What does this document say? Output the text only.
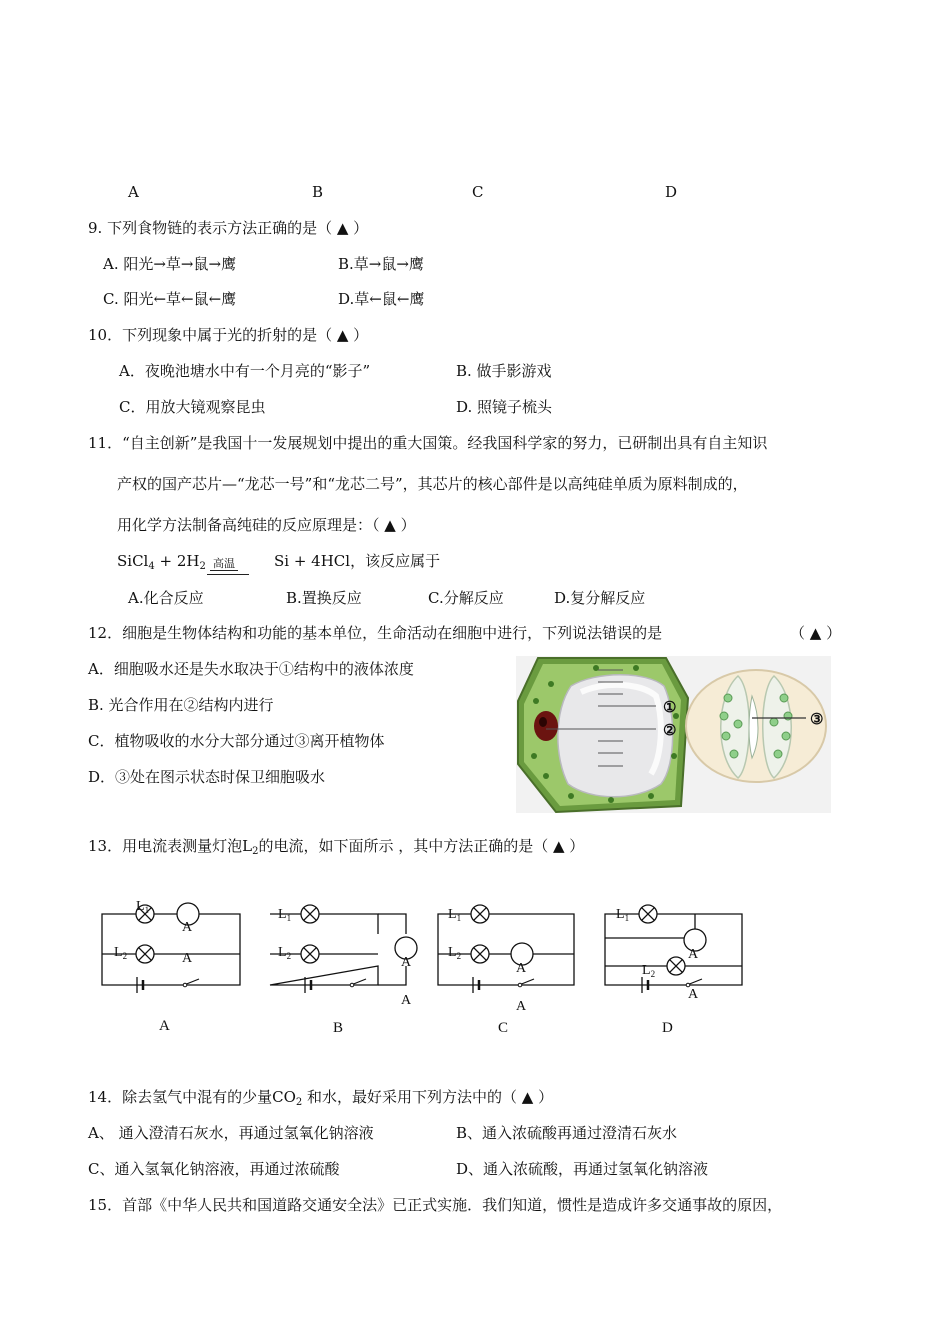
A	B	C	D
9. 下列食物链的表示方法正确的是（ ▲ ）
A. 阳光→草→鼠→鹰	B.草→鼠→鹰
C. 阳光←草←鼠←鹰	D.草←鼠←鹰
10．下列现象中属于光的折射的是（ ▲ ）
A．夜晚池塘水中有一个月亮的“影子”	B. 做手影游戏
C．用放大镜观察昆虫	D. 照镜子梳头
11．“自主创新”是我国十一发展规划中提出的重大国策。经我国科学家的努力，已研制出具有自主知识
产权的国产芯片—“龙芯一号”和“龙芯二号”，其芯片的核心部件是以高纯硅单质为原料制成的，
用化学方法制备高纯硅的反应原理是：（ ▲ ）
SiCl$_4$ + $2H_2$ 高温	Si + 4HCl，该反应属于
A.化合反应	B.置换反应	C.分解反应	D.复分解反应
12．细胞是生物体结构和功能的基本单位，生命活动在细胞中进行，下列说法错误的是	（ ▲ ）
A．细胞吸水还是失水取决于①结构中的液体浓度
B. 光合作用在②结构内进行
C．植物吸收的水分大部分通过③离开植物体
D．③处在图示状态时保卫细胞吸水
①
②
③
13．用电流表测量灯泡$L_2$的电流，如下面所示 ，其中方法正确的是（ ▲ ）
$L_1$
A
$L_2$	A
$L_1$
$L_2$	A
A
$L_1$
$L_2$
A
A
$L_1$
A
$L_2$
A
A	B	C	D
14．除去氢气中混有的少量$CO_2$ 和水，最好采用下列方法中的（ ▲ ）
A、 通入澄清石灰水，再通过氢氧化钠溶液	B、通入浓硫酸再通过澄清石灰水
C、通入氢氧化钠溶液，再通过浓硫酸	D、通入浓硫酸，再通过氢氧化钠溶液
15．首部《中华人民共和国道路交通安全法》已正式实施．我们知道，惯性是造成许多交通事故的原因，
